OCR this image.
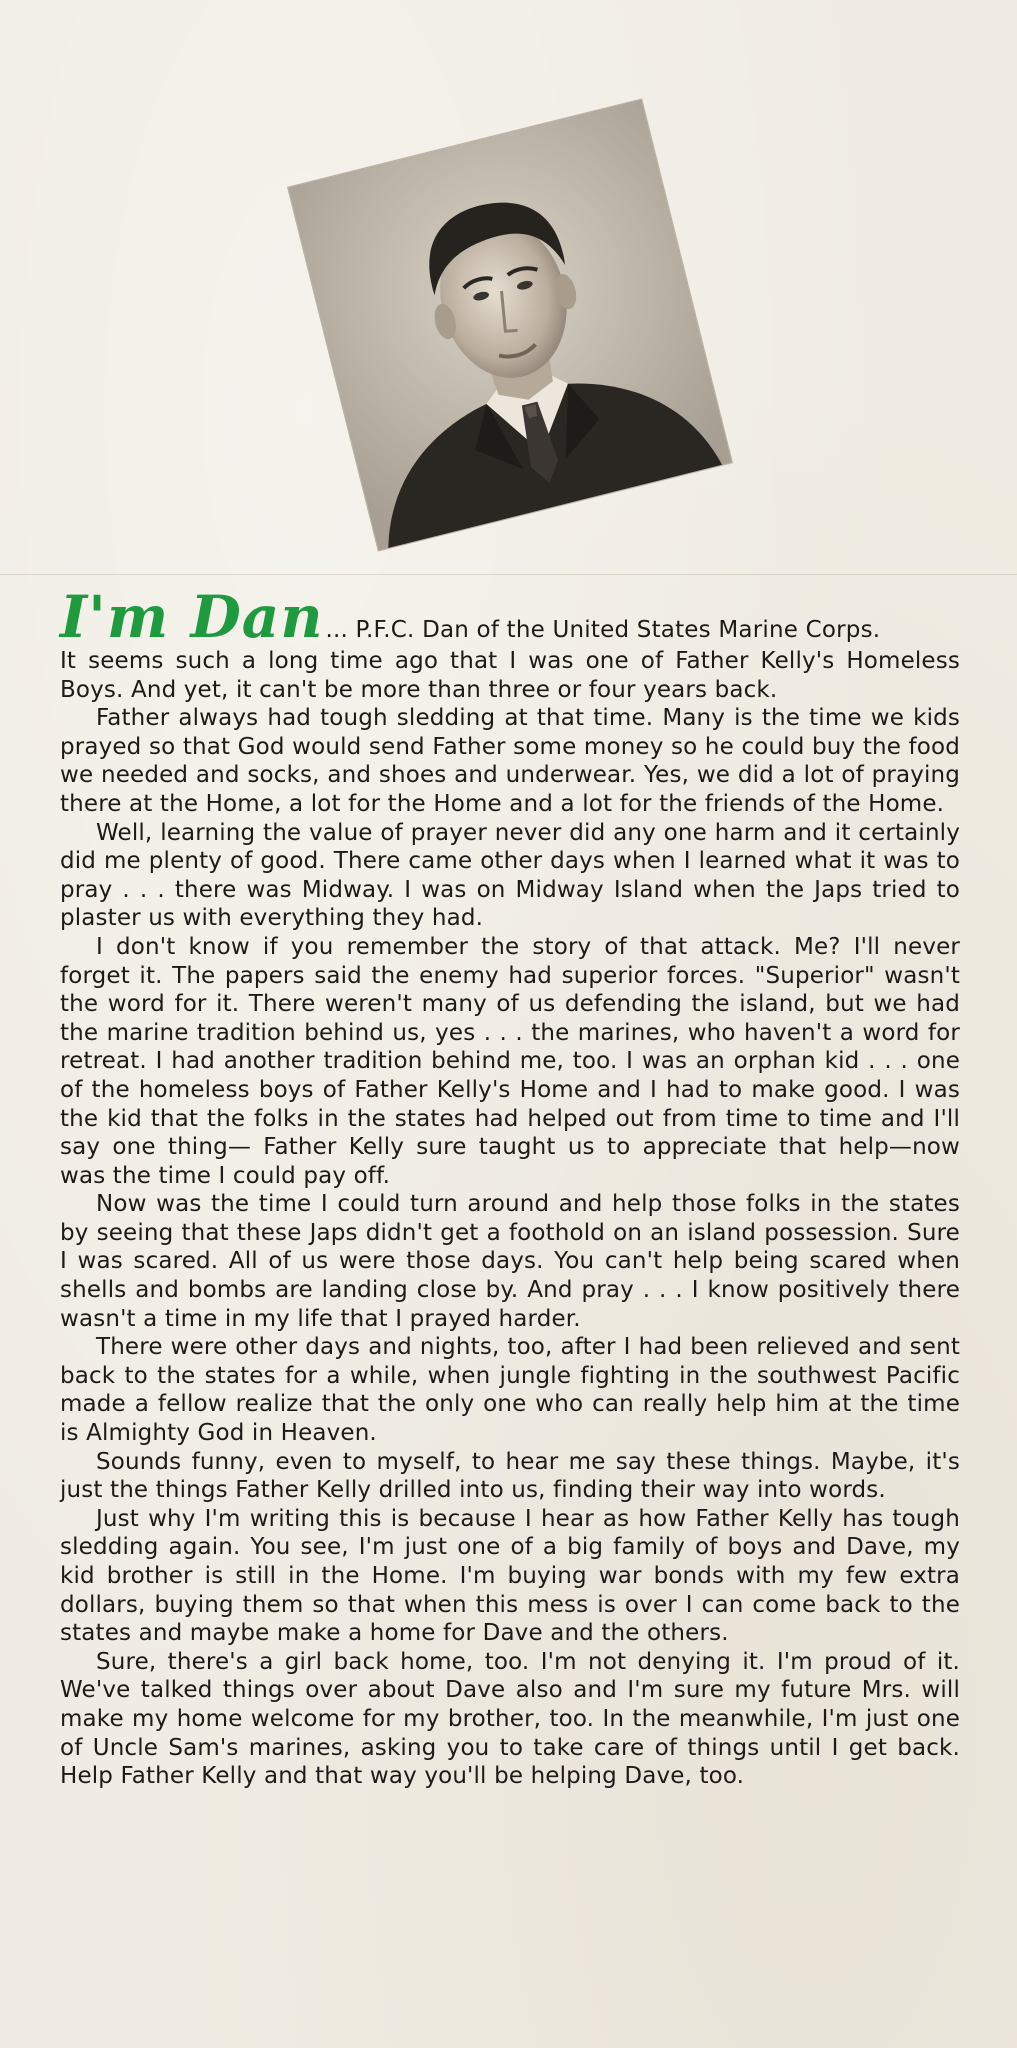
I'm Dan ... P.F.C. Dan of the United States Marine Corps.

It seems such a long time ago that I was one of Father Kelly's Homeless Boys. And yet, it can't be more than three or four years back.

Father always had tough sledding at that time. Many is the time we kids prayed so that God would send Father some money so he could buy the food we needed and socks, and shoes and underwear. Yes, we did a lot of praying there at the Home, a lot for the Home and a lot for the friends of the Home.

Well, learning the value of prayer never did any one harm and it certainly did me plenty of good. There came other days when I learned what it was to pray . . . there was Midway. I was on Midway Island when the Japs tried to plaster us with everything they had.

I don't know if you remember the story of that attack. Me? I'll never forget it. The papers said the enemy had superior forces. "Superior" wasn't the word for it. There weren't many of us defending the island, but we had the marine tradition behind us, yes . . . the marines, who haven't a word for retreat. I had another tradition behind me, too. I was an orphan kid . . . one of the homeless boys of Father Kelly's Home and I had to make good. I was the kid that the folks in the states had helped out from time to time and I'll say one thing— Father Kelly sure taught us to appreciate that help—now was the time I could pay off.

Now was the time I could turn around and help those folks in the states by seeing that these Japs didn't get a foothold on an island possession. Sure I was scared. All of us were those days. You can't help being scared when shells and bombs are landing close by. And pray . . . I know positively there wasn't a time in my life that I prayed harder.

There were other days and nights, too, after I had been relieved and sent back to the states for a while, when jungle fighting in the southwest Pacific made a fellow realize that the only one who can really help him at the time is Almighty God in Heaven.

Sounds funny, even to myself, to hear me say these things. Maybe, it's just the things Father Kelly drilled into us, finding their way into words.

Just why I'm writing this is because I hear as how Father Kelly has tough sledding again. You see, I'm just one of a big family of boys and Dave, my kid brother is still in the Home. I'm buying war bonds with my few extra dollars, buying them so that when this mess is over I can come back to the states and maybe make a home for Dave and the others.

Sure, there's a girl back home, too. I'm not denying it. I'm proud of it. We've talked things over about Dave also and I'm sure my future Mrs. will make my home welcome for my brother, too. In the meanwhile, I'm just one of Uncle Sam's marines, asking you to take care of things until I get back. Help Father Kelly and that way you'll be helping Dave, too.
